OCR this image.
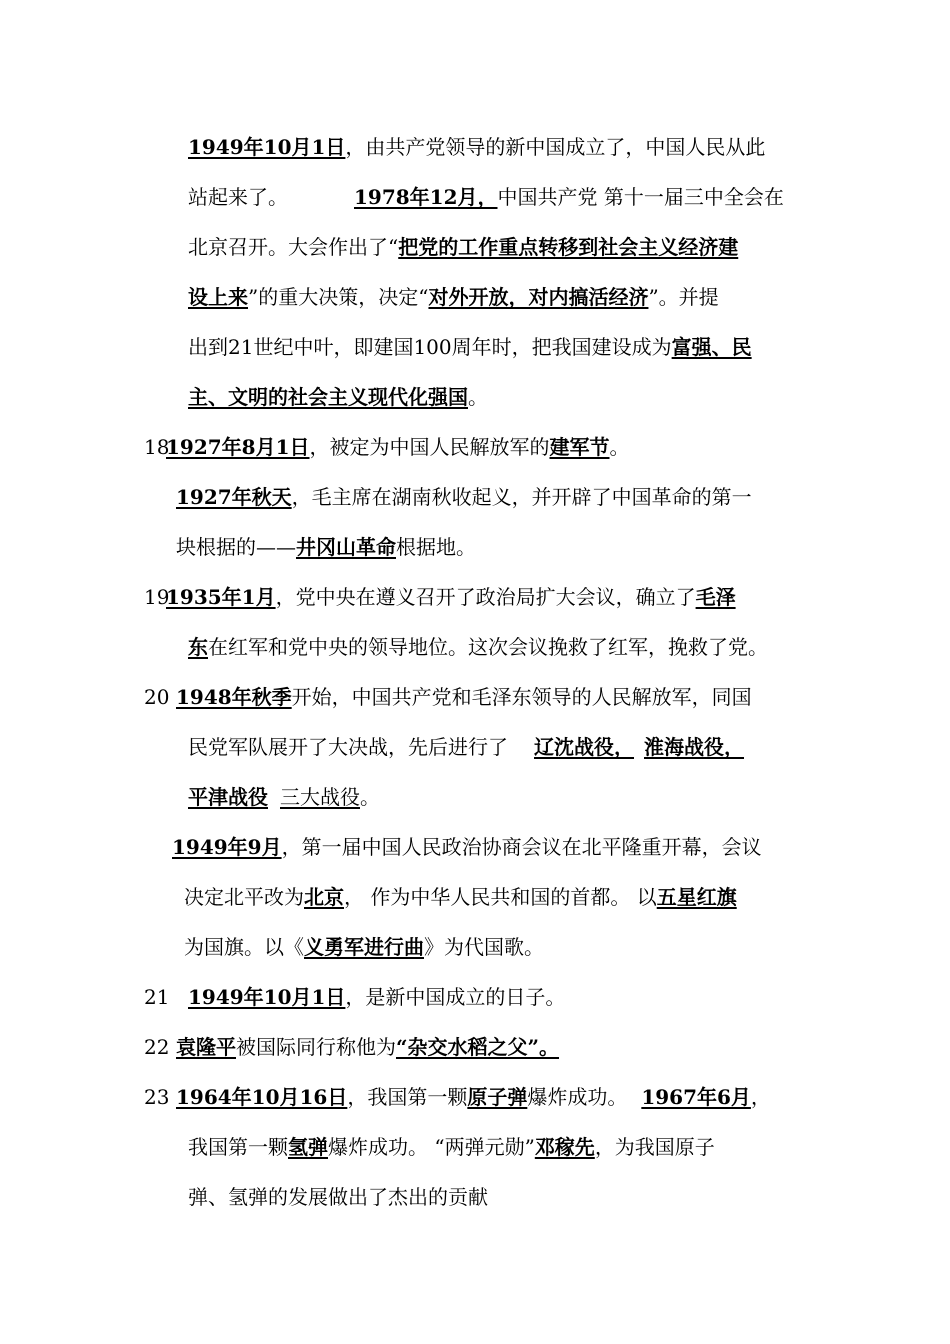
1949年10月1日，由共产党领导的新中国成立了，中国人民从此
站起来了。	1978年12月，中国共产党 第十一届三中全会在
北京召开。大会作出了“把党的工作重点转移到社会主义经济建
设上来”的重大决策，决定“对外开放，对内搞活经济”。并提
出到21世纪中叶，即建国100周年时，把我国建设成为富强、民
主、文明的社会主义现代化强国。
18
1927年8月1日，被定为中国人民解放军的建军节。
1927年秋天，毛主席在湖南秋收起义，并开辟了中国革命的第一
块根据的——井冈山革命根据地。
19
1935年1月，党中央在遵义召开了政治局扩大会议，确立了毛泽
东在红军和党中央的领导地位。这次会议挽救了红军，挽救了党。
20 1948年秋季开始，中国共产党和毛泽东领导的人民解放军，同国
民党军队展开了大决战，先后进行了 辽沈战役， 淮海战役，
平津战役 三大战役。
1949年9月，第一届中国人民政治协商会议在北平隆重开幕，会议
决定北平改为北京， 作为中华人民共和国的首都。 以五星红旗
为国旗。以《义勇军进行曲》为代国歌。
21 1949年10月1日，是新中国成立的日子。
22 袁隆平被国际同行称他为“杂交水稻之父”。
23 1964年10月16日，我国第一颗原子弹爆炸成功。 1967年6月，
我国第一颗氢弹爆炸成功。 “两弹元勋”邓稼先，为我国原子
弹、氢弹的发展做出了杰出的贡献
